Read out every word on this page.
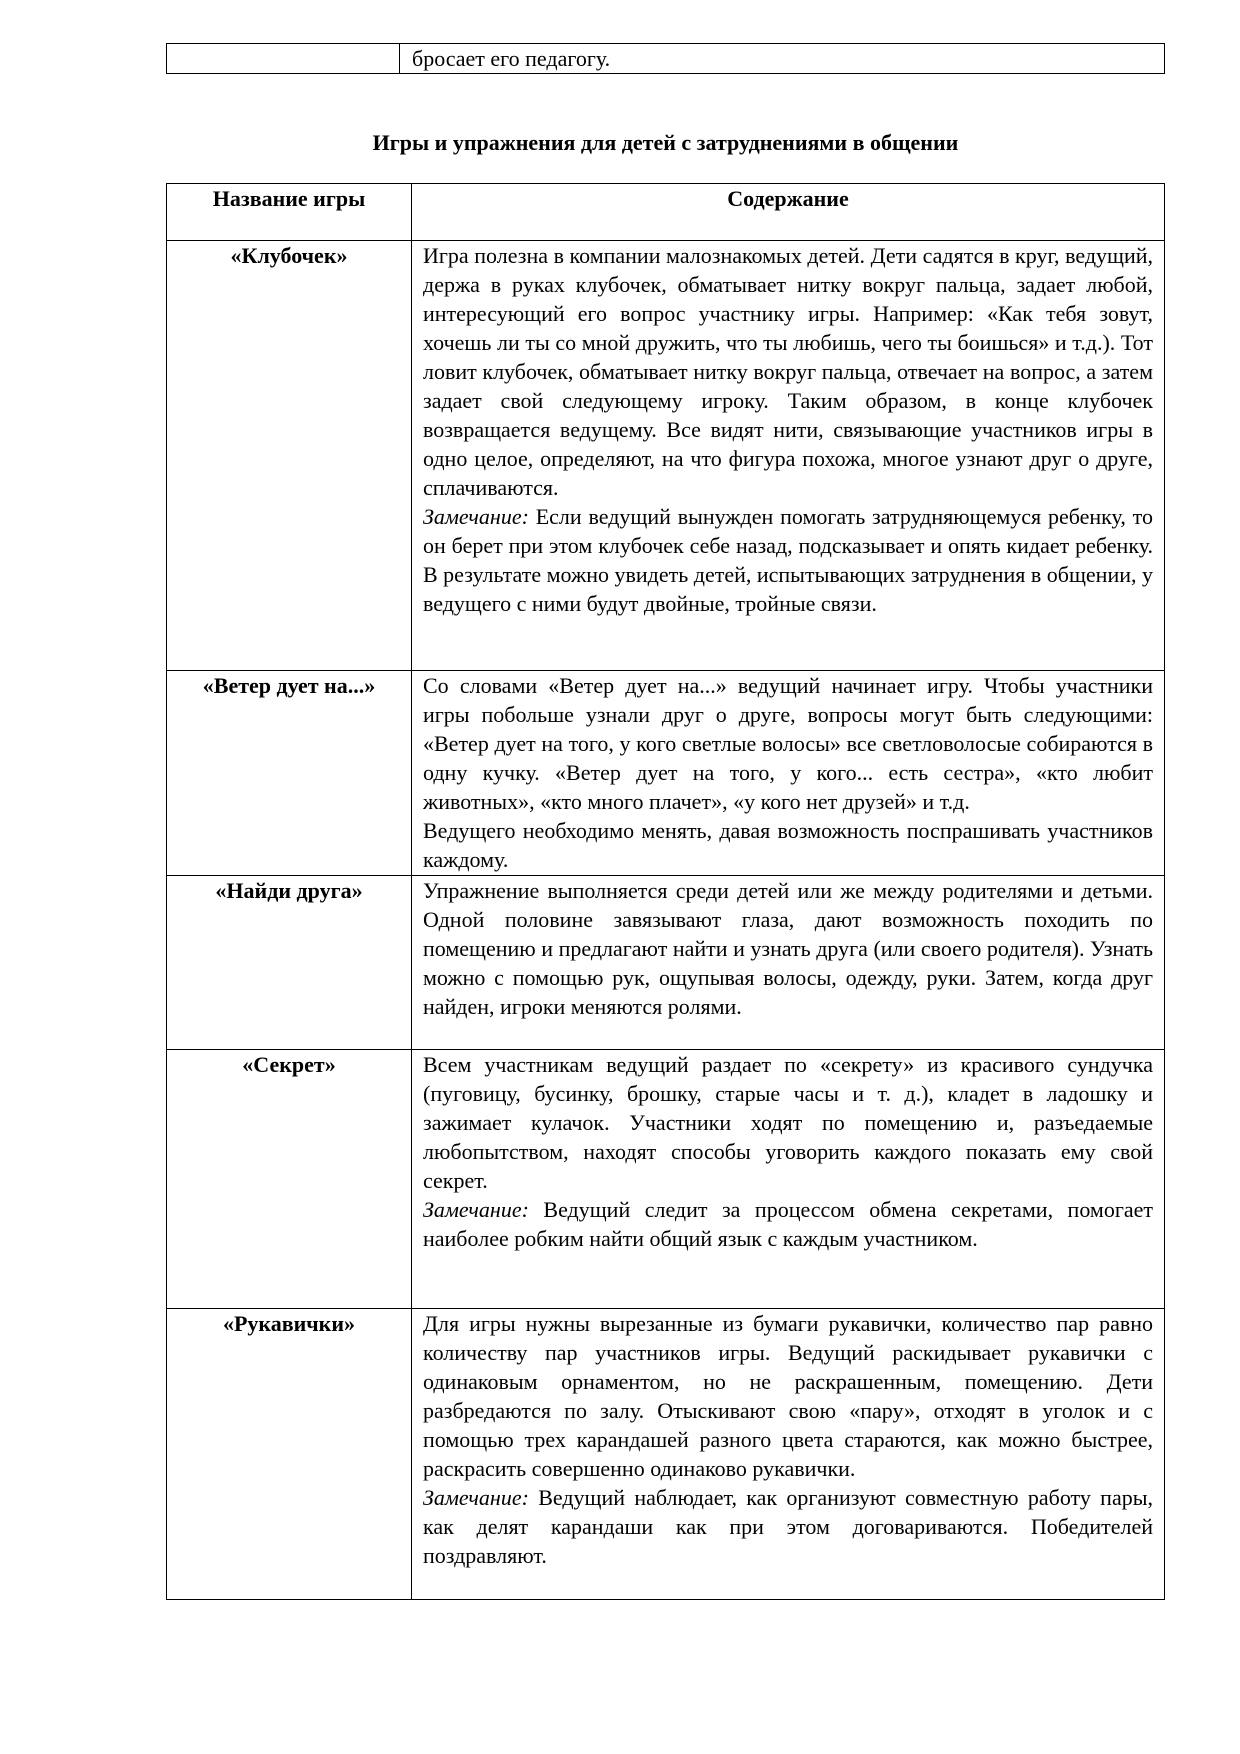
	бросает его педагогу.
Игры и упражнения для детей с затруднениями в общении
Название игры	Содержание
«Клубочек»	Игра полезна в компании малознакомых детей. Дети садятся в круг, ведущий, держа в руках клубочек, обматывает нитку вокруг пальца, задает любой, интересующий его вопрос участнику игры. Например: «Как тебя зовут, хочешь ли ты со мной дружить, что ты любишь, чего ты боишься» и т.д.). Тот ловит клубочек, обматывает нитку вокруг пальца, отвечает на вопрос, а затем задает свой следующему игроку. Таким образом, в конце клубочек возвращается ведущему. Все видят нити, связывающие участников игры в одно целое, определяют, на что фигура похожа, многое узнают друг о друге, сплачиваются.

Замечание: Если ведущий вынужден помогать затрудняющемуся ребенку, то он берет при этом клубочек себе назад, подсказывает и опять кидает ребенку. В результате можно увидеть детей, испытывающих затруднения в общении, у ведущего с ними будут двойные, тройные связи.

«Ветер дует на...»	Со словами «Ветер дует на...» ведущий начинает игру. Чтобы участники игры побольше узнали друг о друге, вопросы могут быть следующими: «Ветер дует на того, у кого светлые волосы» все светловолосые собираются в одну кучку. «Ветер дует на того, у кого... есть сестра», «кто любит животных», «кто много плачет», «у кого нет друзей» и т.д.

Ведущего необходимо менять, давая возможность поспрашивать участников каждому.

«Найди друга»	Упражнение выполняется среди детей или же между родителями и детьми. Одной половине завязывают глаза, дают возможность походить по помещению и предлагают найти и узнать друга (или своего родителя). Узнать можно с помощью рук, ощупывая волосы, одежду, руки. Затем, когда друг найден, игроки меняются ролями.

«Секрет»	Всем участникам ведущий раздает по «секрету» из красивого сундучка (пуговицу, бусинку, брошку, старые часы и т. д.), кладет в ладошку и зажимает кулачок. Участники ходят по помещению и, разъедаемые любопытством, находят способы уговорить каждого показать ему свой секрет.

Замечание: Ведущий следит за процессом обмена секретами, помогает наиболее робким найти общий язык с каждым участником.

«Рукавички»	Для игры нужны вырезанные из бумаги рукавички, количество пар равно количеству пар участников игры. Ведущий раскидывает рукавички с одинаковым орнаментом, но не раскрашенным, помещению. Дети разбредаются по залу. Отыскивают свою «пару», отходят в уголок и с помощью трех карандашей разного цвета стараются, как можно быстрее, раскрасить совершенно одинаково рукавички.

Замечание: Ведущий наблюдает, как организуют совместную работу пары, как делят карандаши как при этом договариваются. Победителей поздравляют.
